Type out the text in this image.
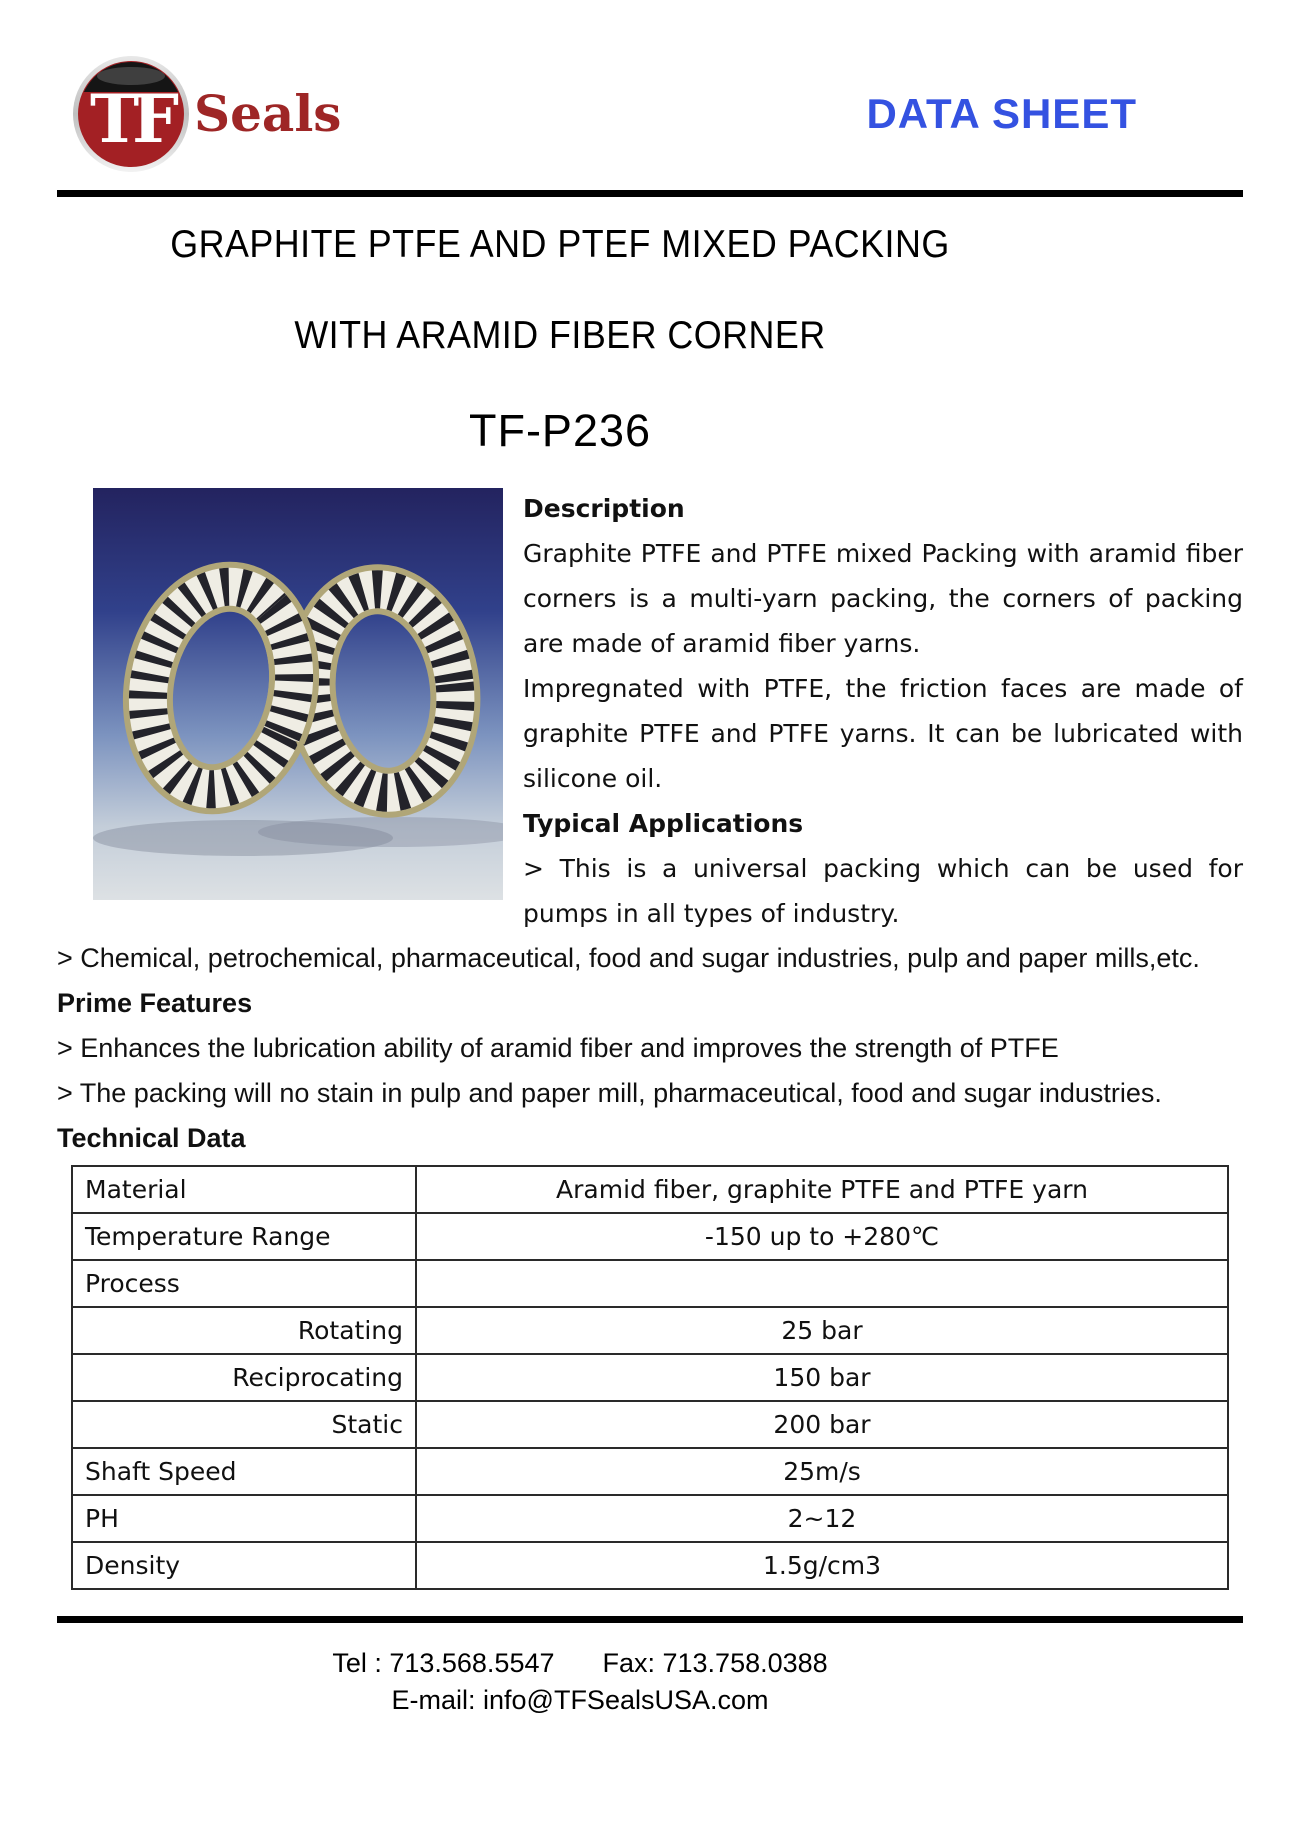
TF Seals	DATA SHEET
GRAPHITE PTFE AND PTEF MIXED PACKING
WITH ARAMID FIBER CORNER
TF-P236

Description

Graphite PTFE and PTFE mixed Packing with aramid fiber corners is a multi-yarn packing, the corners of packing are made of aramid fiber yarns.

Impregnated with PTFE, the friction faces are made of graphite PTFE and PTFE yarns. It can be lubricated with silicone oil.

Typical Applications

> This is a universal packing which can be used for pumps in all types of industry.

> Chemical, petrochemical, pharmaceutical, food and sugar industries, pulp and paper mills,etc.

Prime Features

> Enhances the lubrication ability of aramid fiber and improves the strength of PTFE

> The packing will no stain in pulp and paper mill, pharmaceutical, food and sugar industries.

Technical Data

Material	Aramid fiber, graphite PTFE and PTFE yarn
Temperature Range	-150 up to +280℃
Process	
Rotating	25 bar
Reciprocating	150 bar
Static	200 bar
Shaft Speed	25m/s
PH	2~12
Density	1.5g/cm3
Tel : 713.568.5547 Fax: 713.758.0388
E-mail: info@TFSealsUSA.com
